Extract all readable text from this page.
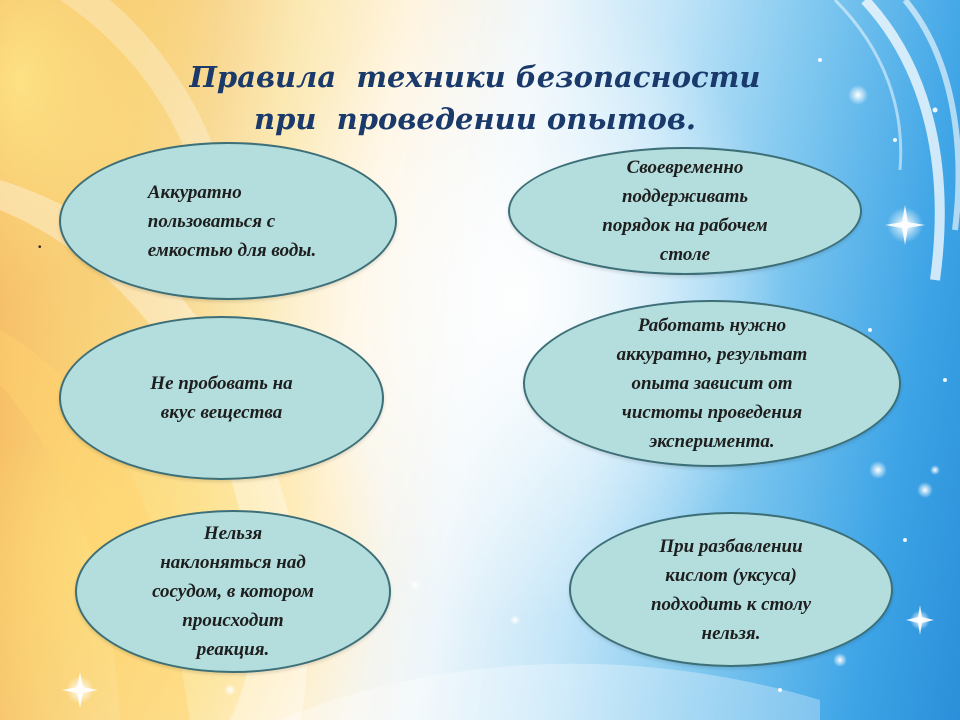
Правила  техники безопасности
при  проведении опытов.
.
Аккуратно
пользоваться с
емкостью для воды.
Своевременно
поддерживать
порядок на рабочем
столе
Не пробовать на
вкус вещества
Работать нужно
аккуратно, результат
опыта зависит от
чистоты проведения
эксперимента.
Нельзя
наклоняться над
сосудом, в котором
происходит
реакция.
При разбавлении
кислот (уксуса)
подходить к столу
нельзя.
